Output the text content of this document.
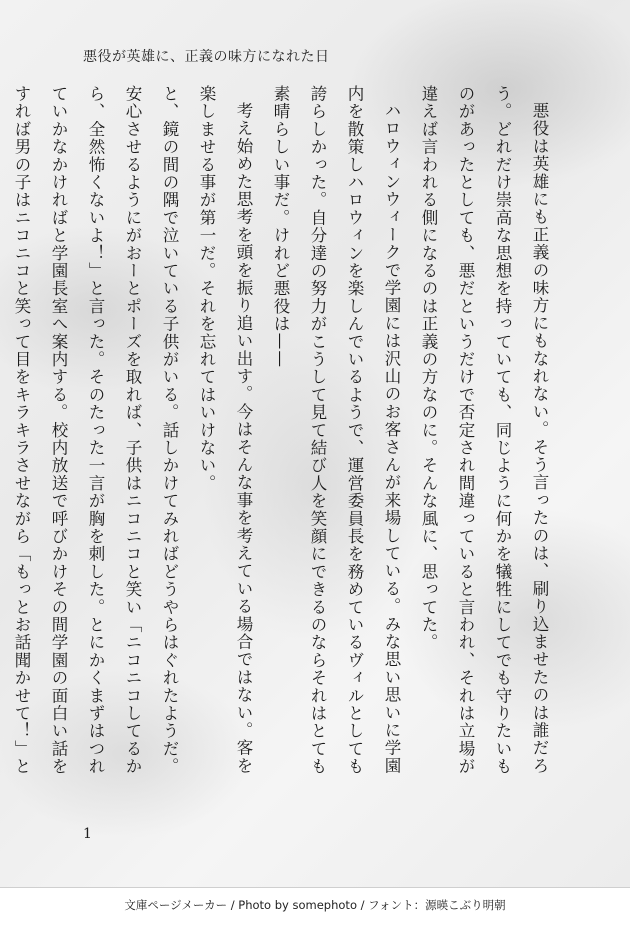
悪役が英雄に、正義の味方になれた日

悪役は英雄にも正義の味方にもなれない。そう言ったのは、刷り込ませたのは誰だろう。どれだけ崇高な思想を持っていても、同じように何かを犠牲にしてでも守りたいものがあったとしても、悪だというだけで否定され間違っていると言われ、それは立場が違えば言われる側になるのは正義の方なのに。そんな風に、思ってた。

ハロウィンウィークで学園には沢山のお客さんが来場している。みな思い思いに学園内を散策しハロウィンを楽しんでいるようで、運営委員長を務めているヴィルとしても誇らしかった。自分達の努力がこうして見て結び人を笑顔にできるのならそれはとても素晴らしい事だ。けれど悪役は——

考え始めた思考を頭を振り追い出す。今はそんな事を考えている場合ではない。客を楽しませる事が第一だ。それを忘れてはいけない。

と、鏡の間の隅で泣いている子供がいる。話しかけてみればどうやらはぐれたようだ。安心させるようにがおーとポーズを取れば、子供はニコニコと笑い「ニコニコしてるから、全然怖くないよ！」と言った。そのたった一言が胸を刺した。とにかくまずはつれていかなかければと学園長室へ案内する。校内放送で呼びかけその間学園の面白い話をすれば男の子はニコニコと笑って目をキラキラさせながら「もっとお話聞かせて！」と

1
文庫ページメーカー / Photo by somephoto / フォント：源暎こぶり明朝
